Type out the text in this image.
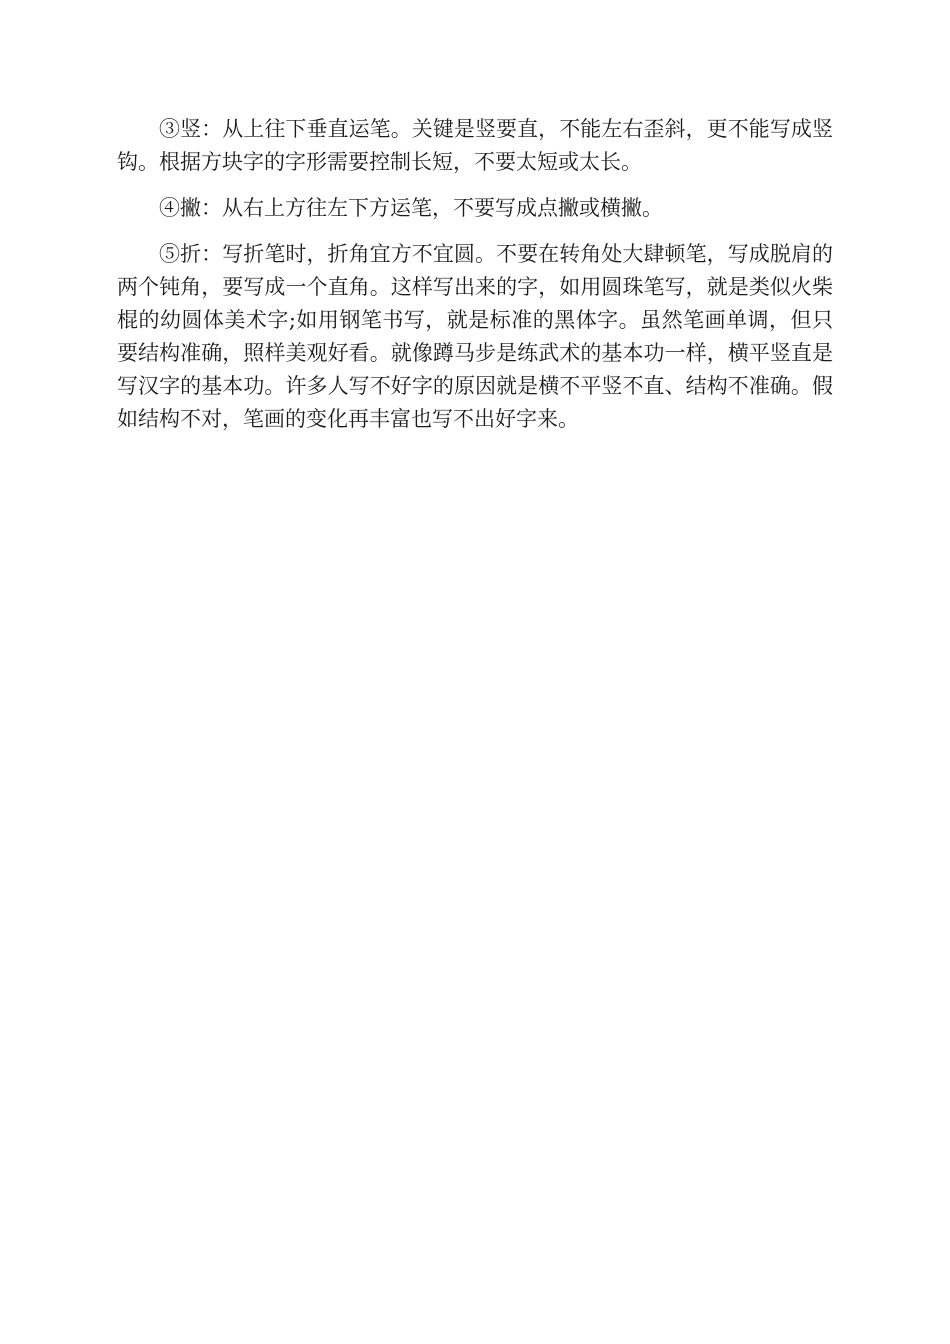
③竖：从上往下垂直运笔。关键是竖要直，不能左右歪斜，更不能写成竖钩。根据方块字的字形需要控制长短，不要太短或太长。

④撇：从右上方往左下方运笔，不要写成点撇或横撇。

⑤折：写折笔时，折角宜方不宜圆。不要在转角处大肆顿笔，写成脱肩的两个钝角，要写成一个直角。这样写出来的字，如用圆珠笔写，就是类似火柴棍的幼圆体美术字;如用钢笔书写，就是标准的黑体字。虽然笔画单调，但只要结构准确，照样美观好看。就像蹲马步是练武术的基本功一样，横平竖直是写汉字的基本功。许多人写不好字的原因就是横不平竖不直、结构不准确。假如结构不对，笔画的变化再丰富也写不出好字来。
